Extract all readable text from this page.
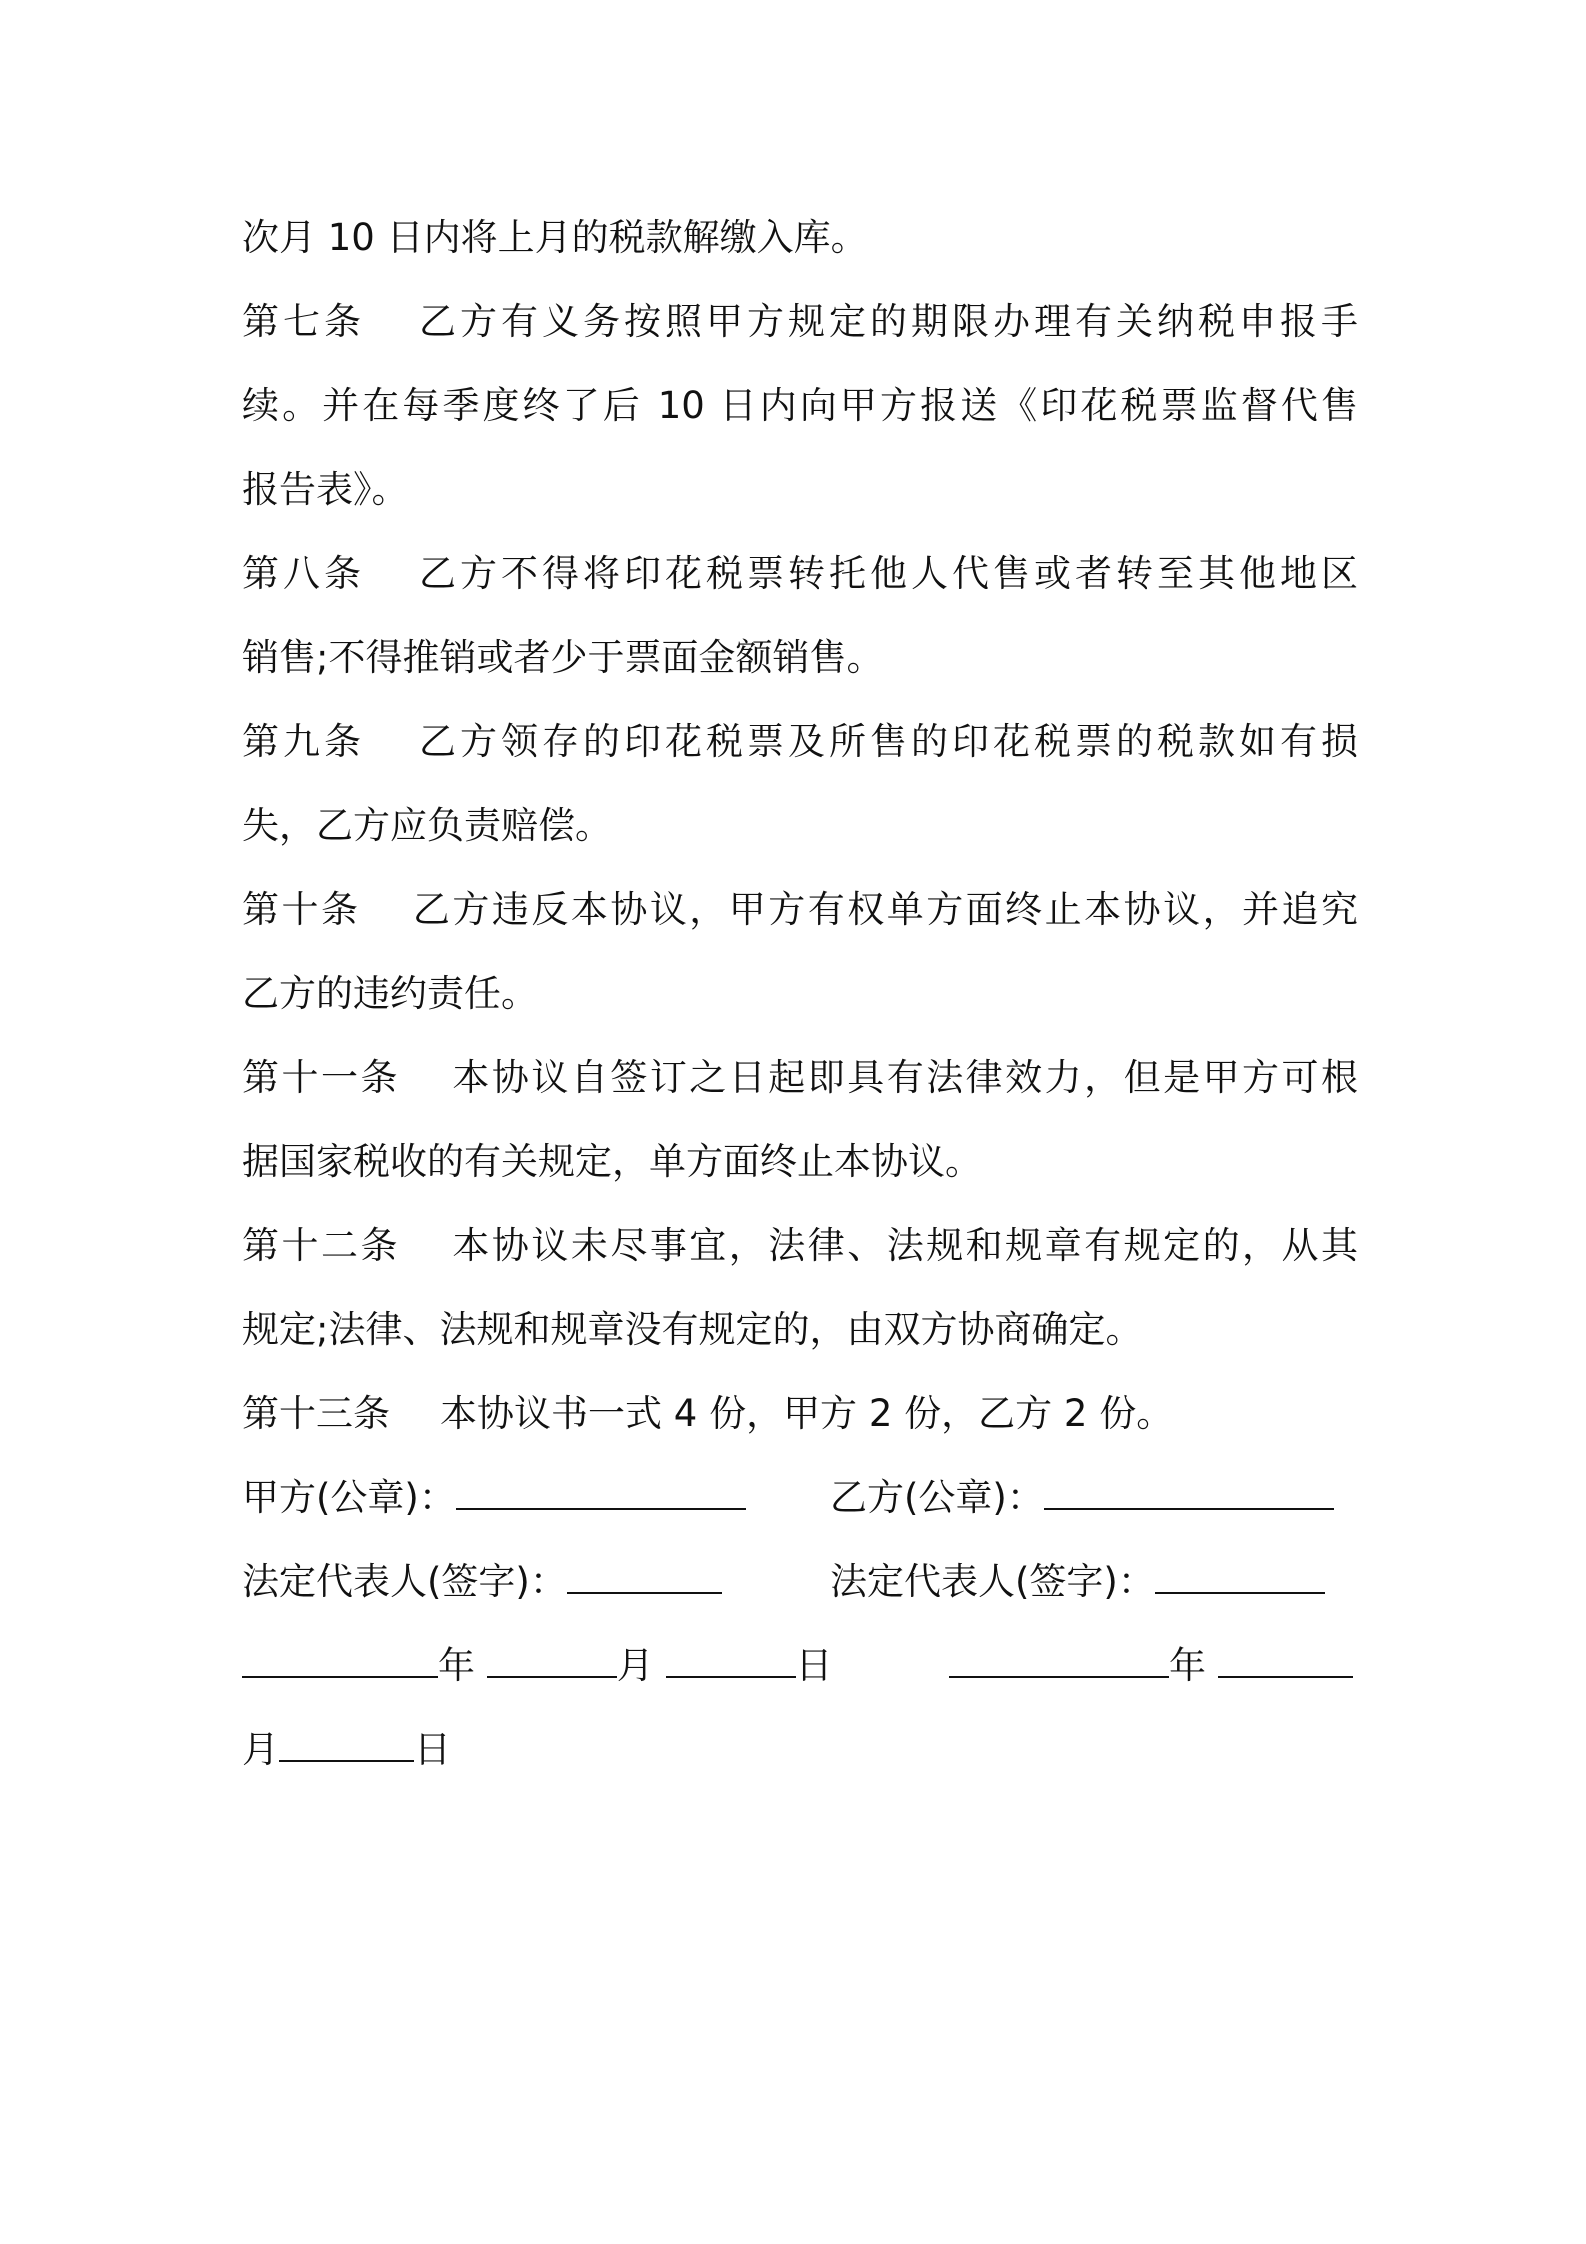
次月 10 日内将上月的税款解缴入库。
第七条 乙方有义务按照甲方规定的期限办理有关纳税申报手
续。并在每季度终了后 10 日内向甲方报送《印花税票监督代售
报告表》。
第八条 乙方不得将印花税票转托他人代售或者转至其他地区
销售;不得推销或者少于票面金额销售。
第九条 乙方领存的印花税票及所售的印花税票的税款如有损
失，乙方应负责赔偿。
第十条 乙方违反本协议，甲方有权单方面终止本协议，并追究
乙方的违约责任。
第十一条 本协议自签订之日起即具有法律效力，但是甲方可根
据国家税收的有关规定，单方面终止本协议。
第十二条 本协议未尽事宜，法律、法规和规章有规定的，从其
规定;法律、法规和规章没有规定的，由双方协商确定。
第十三条 本协议书一式 4 份，甲方 2 份，乙方 2 份。
甲方(公章)：	乙方(公章)：
法定代表人(签字)：	法定代表人(签字)：
年	月	日	年
月	日
